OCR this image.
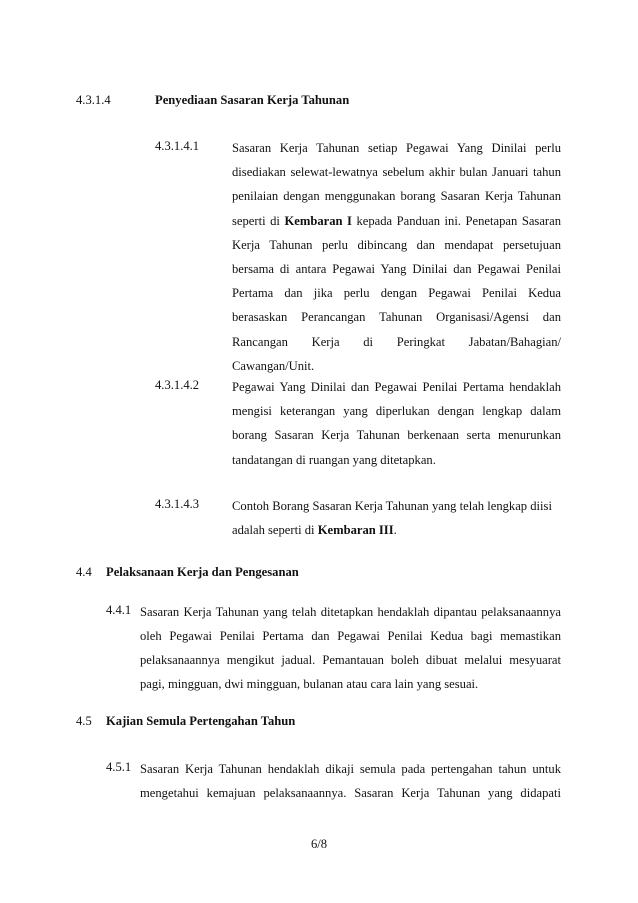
4.3.1.4	Penyediaan Sasaran Kerja Tahunan
4.3.1.4.1	Sasaran Kerja Tahunan setiap Pegawai Yang Dinilai perlu
disediakan selewat-lewatnya sebelum akhir bulan Januari tahun
penilaian dengan menggunakan borang Sasaran Kerja Tahunan
seperti di Kembaran I kepada Panduan ini. Penetapan Sasaran
Kerja Tahunan perlu dibincang dan mendapat persetujuan
bersama di antara Pegawai Yang Dinilai dan Pegawai Penilai
Pertama dan jika perlu dengan Pegawai Penilai Kedua
berasaskan Perancangan Tahunan Organisasi/Agensi dan
Rancangan Kerja di Peringkat Jabatan/Bahagian/
Cawangan/Unit.
4.3.1.4.2	Pegawai Yang Dinilai dan Pegawai Penilai Pertama hendaklah
mengisi keterangan yang diperlukan dengan lengkap dalam
borang Sasaran Kerja Tahunan berkenaan serta menurunkan
tandatangan di ruangan yang ditetapkan.
4.3.1.4.3	Contoh Borang Sasaran Kerja Tahunan yang telah lengkap diisi
adalah seperti di Kembaran III.
4.4 Pelaksanaan Kerja dan Pengesanan
4.4.1 Sasaran Kerja Tahunan yang telah ditetapkan hendaklah dipantau pelaksanaannya
oleh Pegawai Penilai Pertama dan Pegawai Penilai Kedua bagi memastikan
pelaksanaannya mengikut jadual. Pemantauan boleh dibuat melalui mesyuarat
pagi, mingguan, dwi mingguan, bulanan atau cara lain yang sesuai.
4.5 Kajian Semula Pertengahan Tahun
4.5.1 Sasaran Kerja Tahunan hendaklah dikaji semula pada pertengahan tahun untuk
mengetahui kemajuan pelaksanaannya. Sasaran Kerja Tahunan yang didapati
6/8
